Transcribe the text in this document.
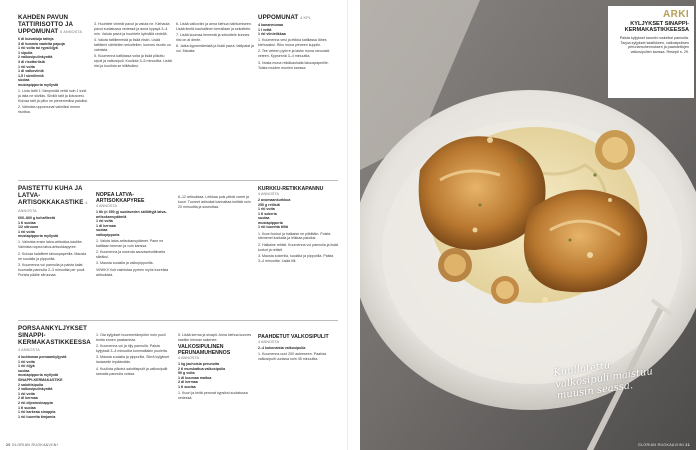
KAHDEN PAVUN TATTIRISOTTO JA UPPOMUNAT 6 ANNOSTA
6 dl kuivattuja tatteja
3 dl tummia vaaleita papuja
1 rkl voita tai rypsiöljyä
1 sipulia
2 valkosipulinkynttä
3 dl risottoriisiä
1 rkl voita
1 dl valkoviiniä
1,5 l sienilientä
suolaa
mustapippuria myllystä

1. Liota tattit 1 l lämpimää vettä noin 1 tunti ja laita ne siiviläs. Siivilöi tatit ja liotusvesi. Kuivaa tatit ja pilko ne pienemmiksi paloiksi.

2. Valmista uppomunat valmiiksi ennen risottoa.

3. Huuhtele vihreät pavut ja valuta ne. Kiehauta pavut suolatussa vedessä ja anna kypsyä 3–4 min. Valuta pavut ja huuhtele kylmällä vedellä.

4. Valuta tattiliemestä ja lisää riisiin. Lisää tattiliemi vähitellen sekoitellen, kunnes risotto on valmista.

5. Kuumenna kattilassa voita ja lisää pilkottu sipuli ja valkosipuli. Kuullota 3–5 minuuttia. Lisää riisi ja kuullota se kiiltäväksi.

6. Lisää valkoviini ja anna kiehua haihtumiseen. Lisää lientä kauhallinen kerrallaan ja sekoittele.

7. Lisää kuumaa liemestä ja sekoittele kunnes riisi on al dente.

8. Jatka kypsentämistä ja lisää pavut, tattipalat ja voi. Mausta.

UPPOMUNAT 4 KPL
4 kananmunaa
1 l vettä
1 rkl viinietikkaa

1. Kuumenna vesi ja etikka kattilassa lähes kiehuvaksi. Riko muna pieneen kuppiin.

2. Tee veteen pyörre ja laske muna varovasti veteen. Kypsennä 3–4 minuuttia.

3. Nosta muna reikäkauhalla talouspaperille. Toista muiden munien kanssa.

PAISTETTU KUHA JA LATVA-ARTISOKKAKASTIKE 4 ANNOSTA
600–800 g kuhafileetä
1 tl suolaa
1/2 sitruuna
1 rkl voita
mustapippuria myllystä

1. Valmista ensin latva-artisokka-kastike. Valmista nopea latva-artisokkapyree.

2. Kuivaa kalafileet talouspaperilla. Mausta ne suolalla ja pippurilla.

3. Kuumenna voi pannulla ja paista kalat kuumalla pannulla 2–3 minuuttia per puoli. Purista päälle sitruunaa.

NOPEA LATVA-ARTISOKKAPYREE
4 ANNOSTA
1 tlk (n 350 g) suolaveden säilöttyjä latva-artisokansydämiä
1 rkl voita
1 dl kermaa
suolaa
valkopippuria

1. Valuta latva-artisokansydämet. Pane ne kattilaan kerman ja voin kanssa.

2. Kuumenna ja soseuta sauvasekoittimella sileäksi.

3. Mausta suolalla ja valkopippurilla.

VINKKI! Voit valmistaa pyreen myös tuoreista artisokista.

6–12 artisokkaa. Leikkaa pois pitkät varret ja kuori. Tuoreet artisokat kannattaa keittää noin 20 minuuttia ja soseuttaa.

KURKKU-RETIKKAPANNU
4 ANNOSTA
2 avomaankurkkua
250 g retiisiä
1 rkl voita
1 tl sokeria
suolaa
mustapippuria
1 rkl tuoretta tilliä

1. Kuori kurkut ja halkaise ne pitkittäin. Poista siemenet lusikalla ja leikkaa paloiksi.

2. Halkaise retiisit. Kuumenna voi pannulla ja lisää kurkut ja retiisit.

3. Mausta sokerilla, suolalla ja pippurilla. Paista 3–4 minuuttia. Lisää tilli.

PORSAANKYLJYKSET SINAPPI-KERMAKASTIKKEESSA 4 ANNOSTA
4 luuttomaa porsaankyljystä
1 rkl voita
1 rkl öljyä
suolaa
mustapippuria myllystä
SINAPPI-KERMAKASTIKE
2 salottisipulia
2 valkosipulinkynttä
1 rkl voita
2 dl kermaa
2 rkl dijoninsinappia
1 tl suolaa
1 rkl karkeaa sinappia
1 rkl tuoretta timjamia

1. Ota kyljykset huoneenlämpöön noin puoli tuntia ennen paistamista.

2. Kuumenna voi ja öljy pannulla. Paista kyljyksiä 3–4 minuuttia kummaltakin puolelta.

3. Mausta suolalla ja pippurilla. Siirrä kyljykset lautaselle lepäämään.

4. Kuullota pilkotut salottisipulit ja valkosipulit samalla pannulla voissa.

5. Lisää kerma ja sinapit. Anna kiehua kunnes kastike hieman sakenee.

VALKOSIPULINEN PERUNAMUHENNOS
4 ANNOSTA
1 kg jauhoisia perunoita
2 tl murskattua valkosipulia
50 g voita
1 dl kuumaa maitoa
2 dl kermaa
1 tl suolaa

1. Kuori ja keitä perunat kypsiksi suolatussa vedessä.

PAAHDETUT VALKOSIPULIT
4 ANNOSTA
2–4 kokonaista valkosipulia

1. Kuumenna uuni 200 asteeseen. Paahda valkosipulit uunissa noin 45 minuuttia.

20 GLORIAN RUOKA&VIINI
ARKI
KYLJYKSET SINAPPI-KERMAKASTIKKEESSA
Paista kyljykset kauniin ruskeiksi pannulla. Tarjoa kyljykset kastikkeen, valkosipulisen perunamuhennoksen ja paahdettujen valkosipulien kanssa. Resepti s. 29.
Kuullotettu
valkosipuli maistuu
muusin seassa.
GLORIAN RUOKA&VIINI 21
